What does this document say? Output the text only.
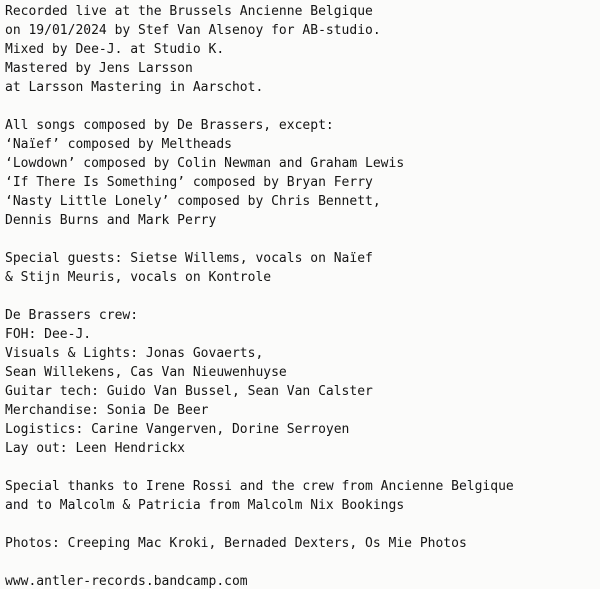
Recorded live at the Brussels Ancienne Belgique
on 19/01/2024 by Stef Van Alsenoy for AB-studio.
Mixed by Dee-J. at Studio K.
Mastered by Jens Larsson
at Larsson Mastering in Aarschot.
All songs composed by De Brassers, except:
‘Naïef’ composed by Meltheads
‘Lowdown’ composed by Colin Newman and Graham Lewis
‘If There Is Something’ composed by Bryan Ferry
‘Nasty Little Lonely’ composed by Chris Bennett,
Dennis Burns and Mark Perry
Special guests: Sietse Willems, vocals on Naïef
& Stijn Meuris, vocals on Kontrole
De Brassers crew:
FOH: Dee-J.
Visuals & Lights: Jonas Govaerts,
Sean Willekens, Cas Van Nieuwenhuyse
Guitar tech: Guido Van Bussel, Sean Van Calster
Merchandise: Sonia De Beer
Logistics: Carine Vangerven, Dorine Serroyen
Lay out: Leen Hendrickx
Special thanks to Irene Rossi and the crew from Ancienne Belgique
and to Malcolm & Patricia from Malcolm Nix Bookings
Photos: Creeping Mac Kroki, Bernaded Dexters, Os Mie Photos
www.antler-records.bandcamp.com
